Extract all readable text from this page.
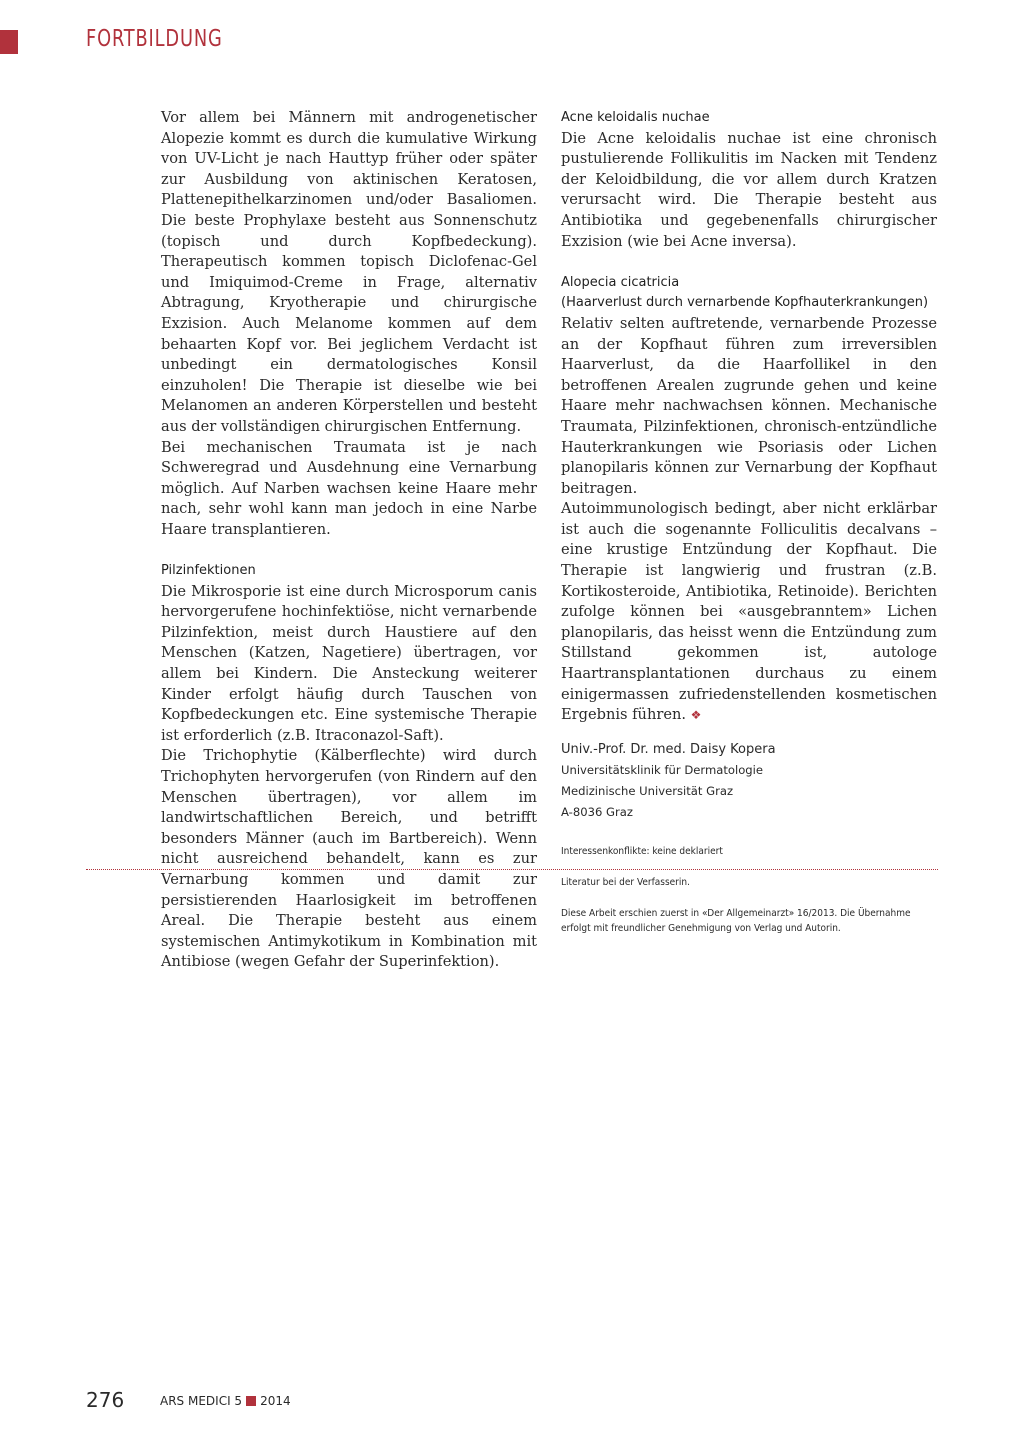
FORTBILDUNG

Vor allem bei Männern mit androgenetischer Alopezie kommt es durch die kumulative Wirkung von UV-Licht je nach Hauttyp früher oder später zur Ausbildung von aktinischen Keratosen, Plattenepithelkarzinomen und/oder Basaliomen. Die beste Prophylaxe besteht aus Sonnenschutz (topisch und durch Kopfbedeckung). Therapeutisch kommen topisch Diclofenac-Gel und Imiquimod-Creme in Frage, alternativ Abtragung, Kryotherapie und chirurgische Exzision. Auch Melanome kommen auf dem behaarten Kopf vor. Bei jeglichem Verdacht ist unbedingt ein dermatologisches Konsil einzuholen! Die Therapie ist dieselbe wie bei Melanomen an anderen Körperstellen und besteht aus der vollständigen chirurgischen Entfernung.

Bei mechanischen Traumata ist je nach Schweregrad und Ausdehnung eine Vernarbung möglich. Auf Narben wachsen keine Haare mehr nach, sehr wohl kann man jedoch in eine Narbe Haare transplantieren.

Pilzinfektionen

Die Mikrosporie ist eine durch Microsporum canis hervorgerufene hochinfektiöse, nicht vernarbende Pilzinfektion, meist durch Haustiere auf den Menschen (Katzen, Nagetiere) übertragen, vor allem bei Kindern. Die Ansteckung weiterer Kinder erfolgt häufig durch Tauschen von Kopfbedeckungen etc. Eine systemische Therapie ist erforderlich (z.B. Itraconazol-Saft).

Die Trichophytie (Kälberflechte) wird durch Trichophyten hervorgerufen (von Rindern auf den Menschen übertragen), vor allem im landwirtschaftlichen Bereich, und betrifft besonders Männer (auch im Bartbereich). Wenn nicht ausreichend behandelt, kann es zur Vernarbung kommen und damit zur persistierenden Haarlosigkeit im betroffenen Areal. Die Therapie besteht aus einem systemischen Antimykotikum in Kombination mit Antibiose (wegen Gefahr der Superinfektion).

Acne keloidalis nuchae

Die Acne keloidalis nuchae ist eine chronisch pustulierende Follikulitis im Nacken mit Tendenz der Keloidbildung, die vor allem durch Kratzen verursacht wird. Die Therapie besteht aus Antibiotika und gegebenenfalls chirurgischer Exzision (wie bei Acne inversa).

Alopecia cicatricia

(Haarverlust durch vernarbende Kopfhauterkrankungen)

Relativ selten auftretende, vernarbende Prozesse an der Kopfhaut führen zum irreversiblen Haarverlust, da die Haarfollikel in den betroffenen Arealen zugrunde gehen und keine Haare mehr nachwachsen können. Mechanische Traumata, Pilzinfektionen, chronisch-entzündliche Hauterkrankungen wie Psoriasis oder Lichen planopilaris können zur Vernarbung der Kopfhaut beitragen.

Autoimmunologisch bedingt, aber nicht erklärbar ist auch die sogenannte Folliculitis decalvans – eine krustige Entzündung der Kopfhaut. Die Therapie ist langwierig und frustran (z.B. Kortikosteroide, Antibiotika, Retinoide). Berichten zufolge können bei «ausgebranntem» Lichen planopilaris, das heisst wenn die Entzündung zum Stillstand gekommen ist, autologe Haartransplantationen durchaus zu einem einigermassen zufriedenstellenden kosmetischen Ergebnis führen. ❖

Univ.-Prof. Dr. med. Daisy Kopera

Universitätsklinik für Dermatologie

Medizinische Universität Graz

A-8036 Graz

Interessenkonflikte: keine deklariert

Literatur bei der Verfasserin.

Diese Arbeit erschien zuerst in «Der Allgemeinarzt» 16/2013. Die Übernahme erfolgt mit freundlicher Genehmigung von Verlag und Autorin.

276	ARS MEDICI 5 2014
